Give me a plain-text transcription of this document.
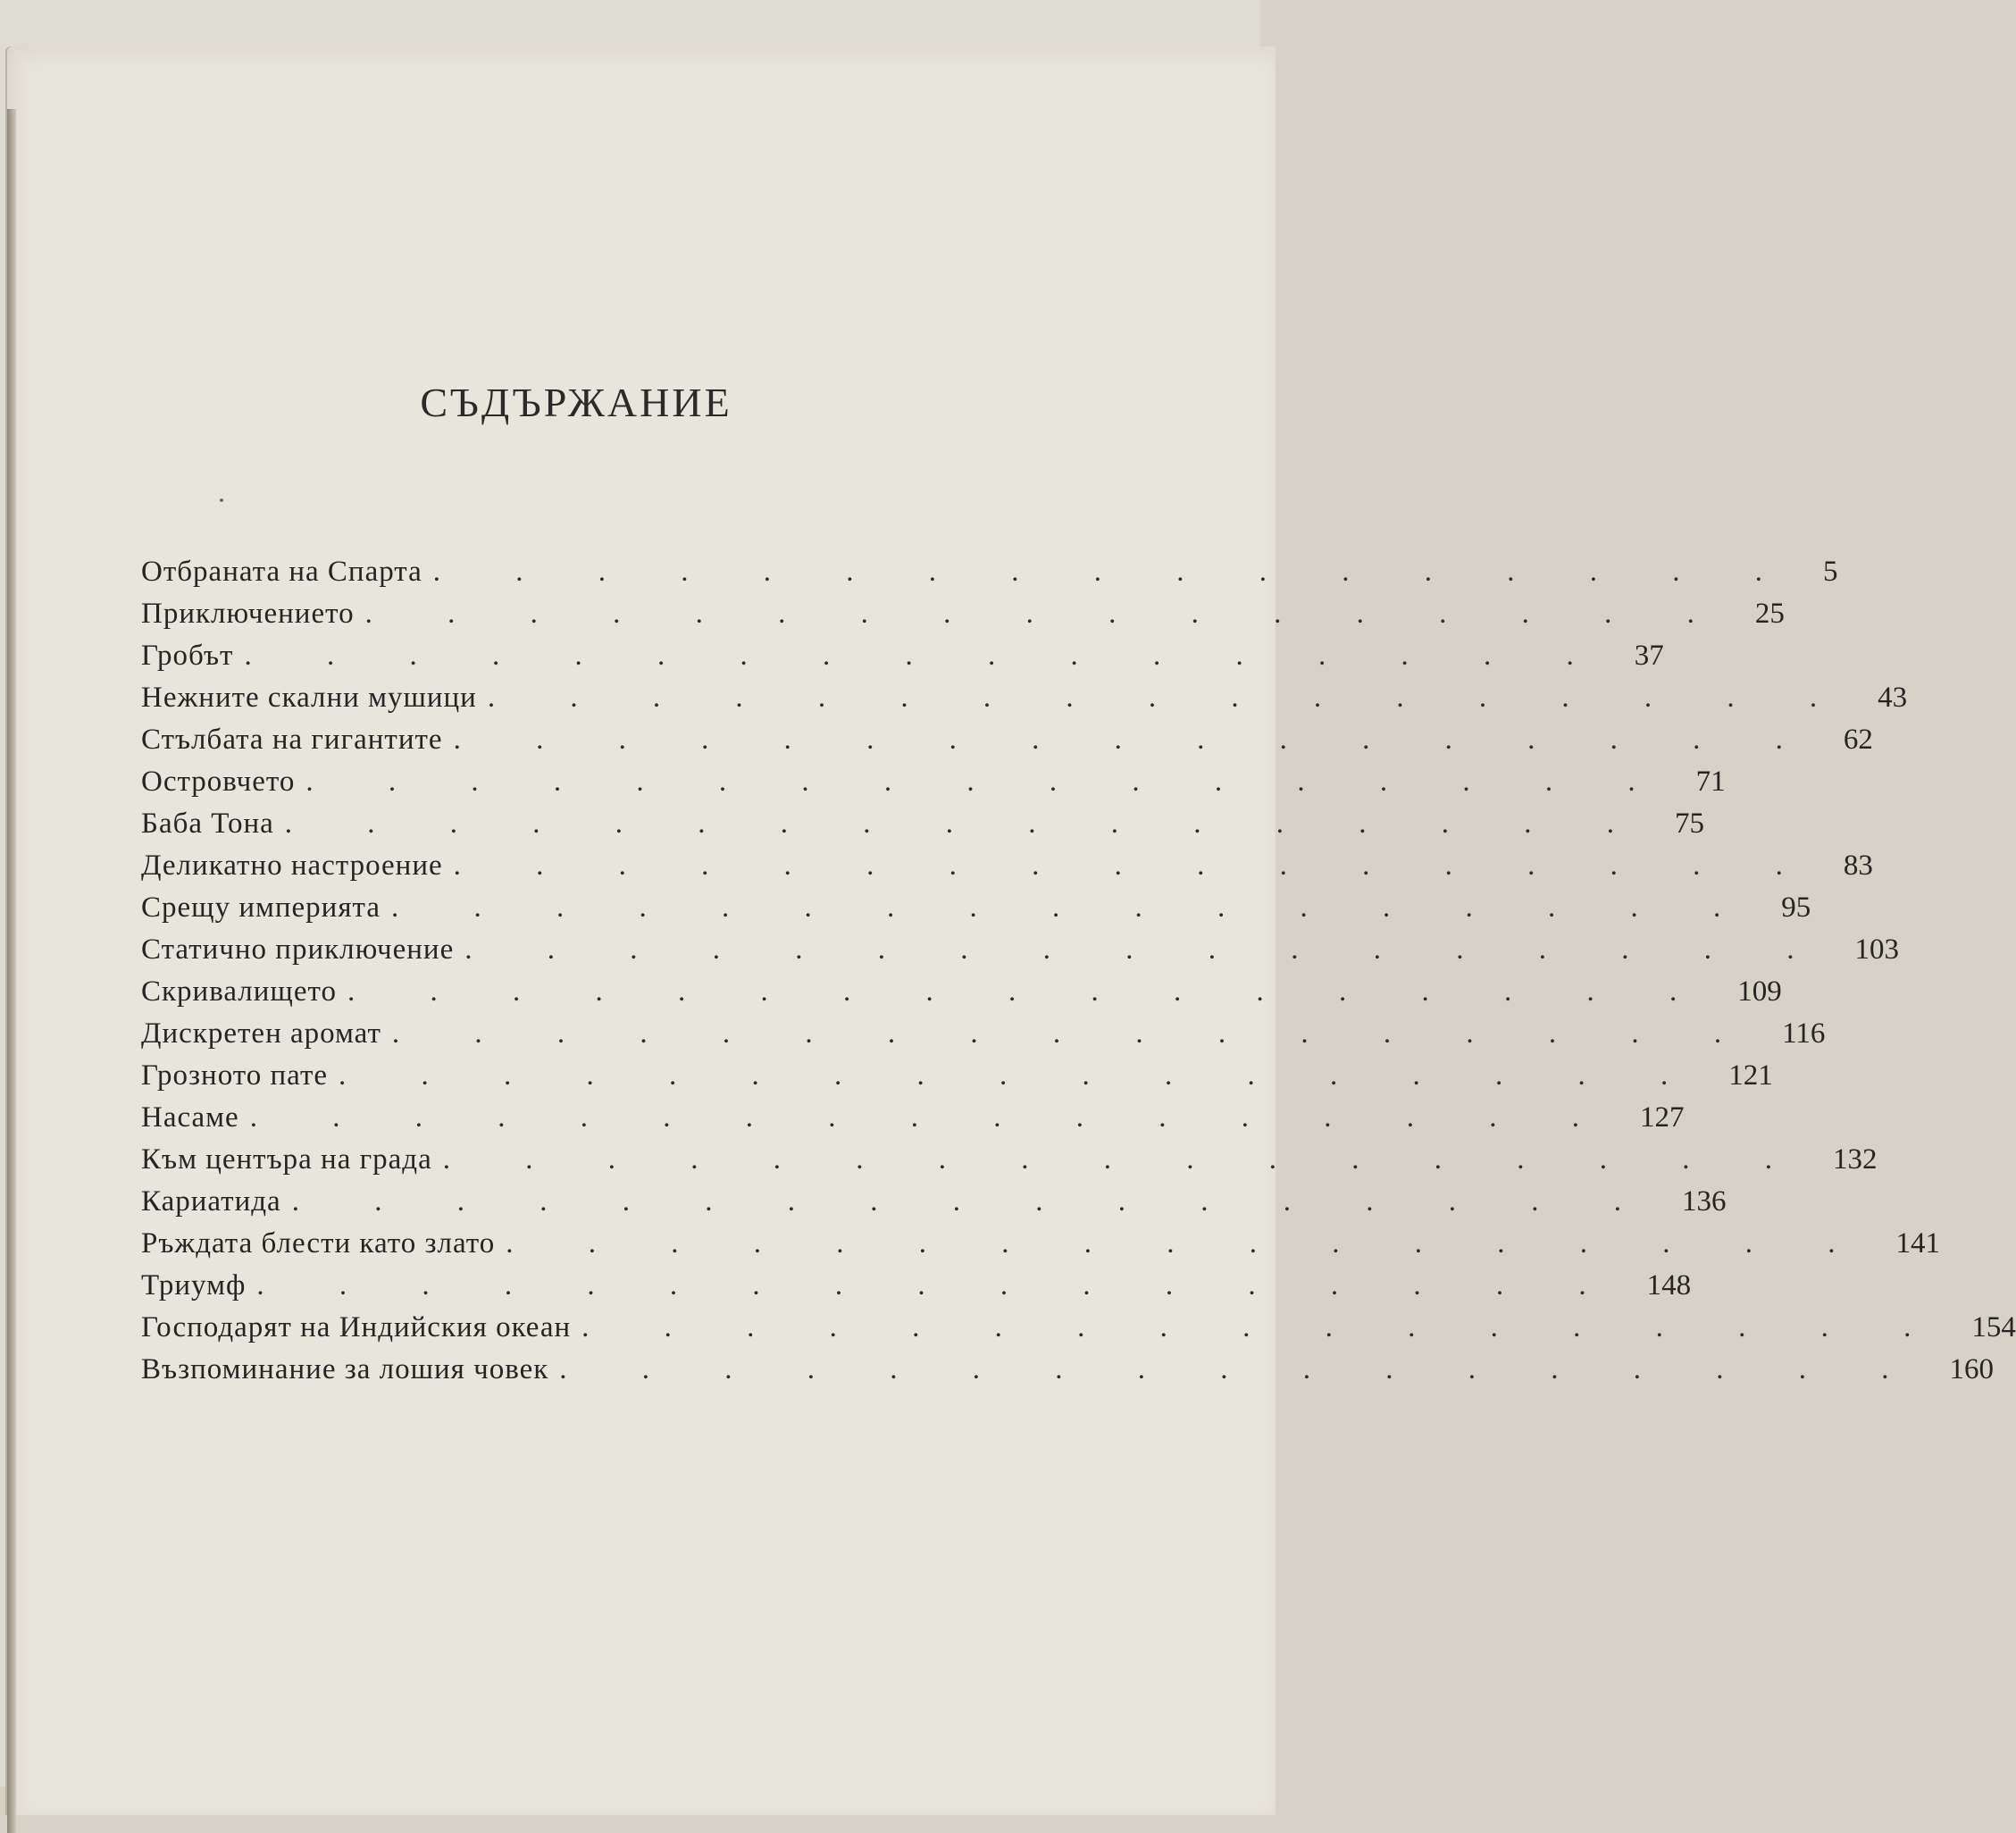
СЪДЪРЖАНИЕ
Отбраната на Спарта . . . . . . . . . . . . . . . . . 5
Приключението . . . . . . . . . . . . . . . . . 25
Гробът . . . . . . . . . . . . . . . . . 37
Нежните скални мушици . . . . . . . . . . . . . . . . . 43
Стълбата на гигантите . . . . . . . . . . . . . . . . . 62
Островчето . . . . . . . . . . . . . . . . . 71
Баба Тона . . . . . . . . . . . . . . . . . 75
Деликатно настроение . . . . . . . . . . . . . . . . . 83
Срещу империята . . . . . . . . . . . . . . . . . 95
Статично приключение . . . . . . . . . . . . . . . . . 103
Скривалището . . . . . . . . . . . . . . . . . 109
Дискретен аромат . . . . . . . . . . . . . . . . . 116
Грозното пате . . . . . . . . . . . . . . . . . 121
Насаме . . . . . . . . . . . . . . . . . 127
Към центъра на града . . . . . . . . . . . . . . . . . 132
Кариатида . . . . . . . . . . . . . . . . . 136
Ръждата блести като злато . . . . . . . . . . . . . . . . . 141
Триумф . . . . . . . . . . . . . . . . . 148
Господарят на Индийския океан . . . . . . . . . . . . . . . . . 154
Възпоминание за лошия човек . . . . . . . . . . . . . . . . . 160
